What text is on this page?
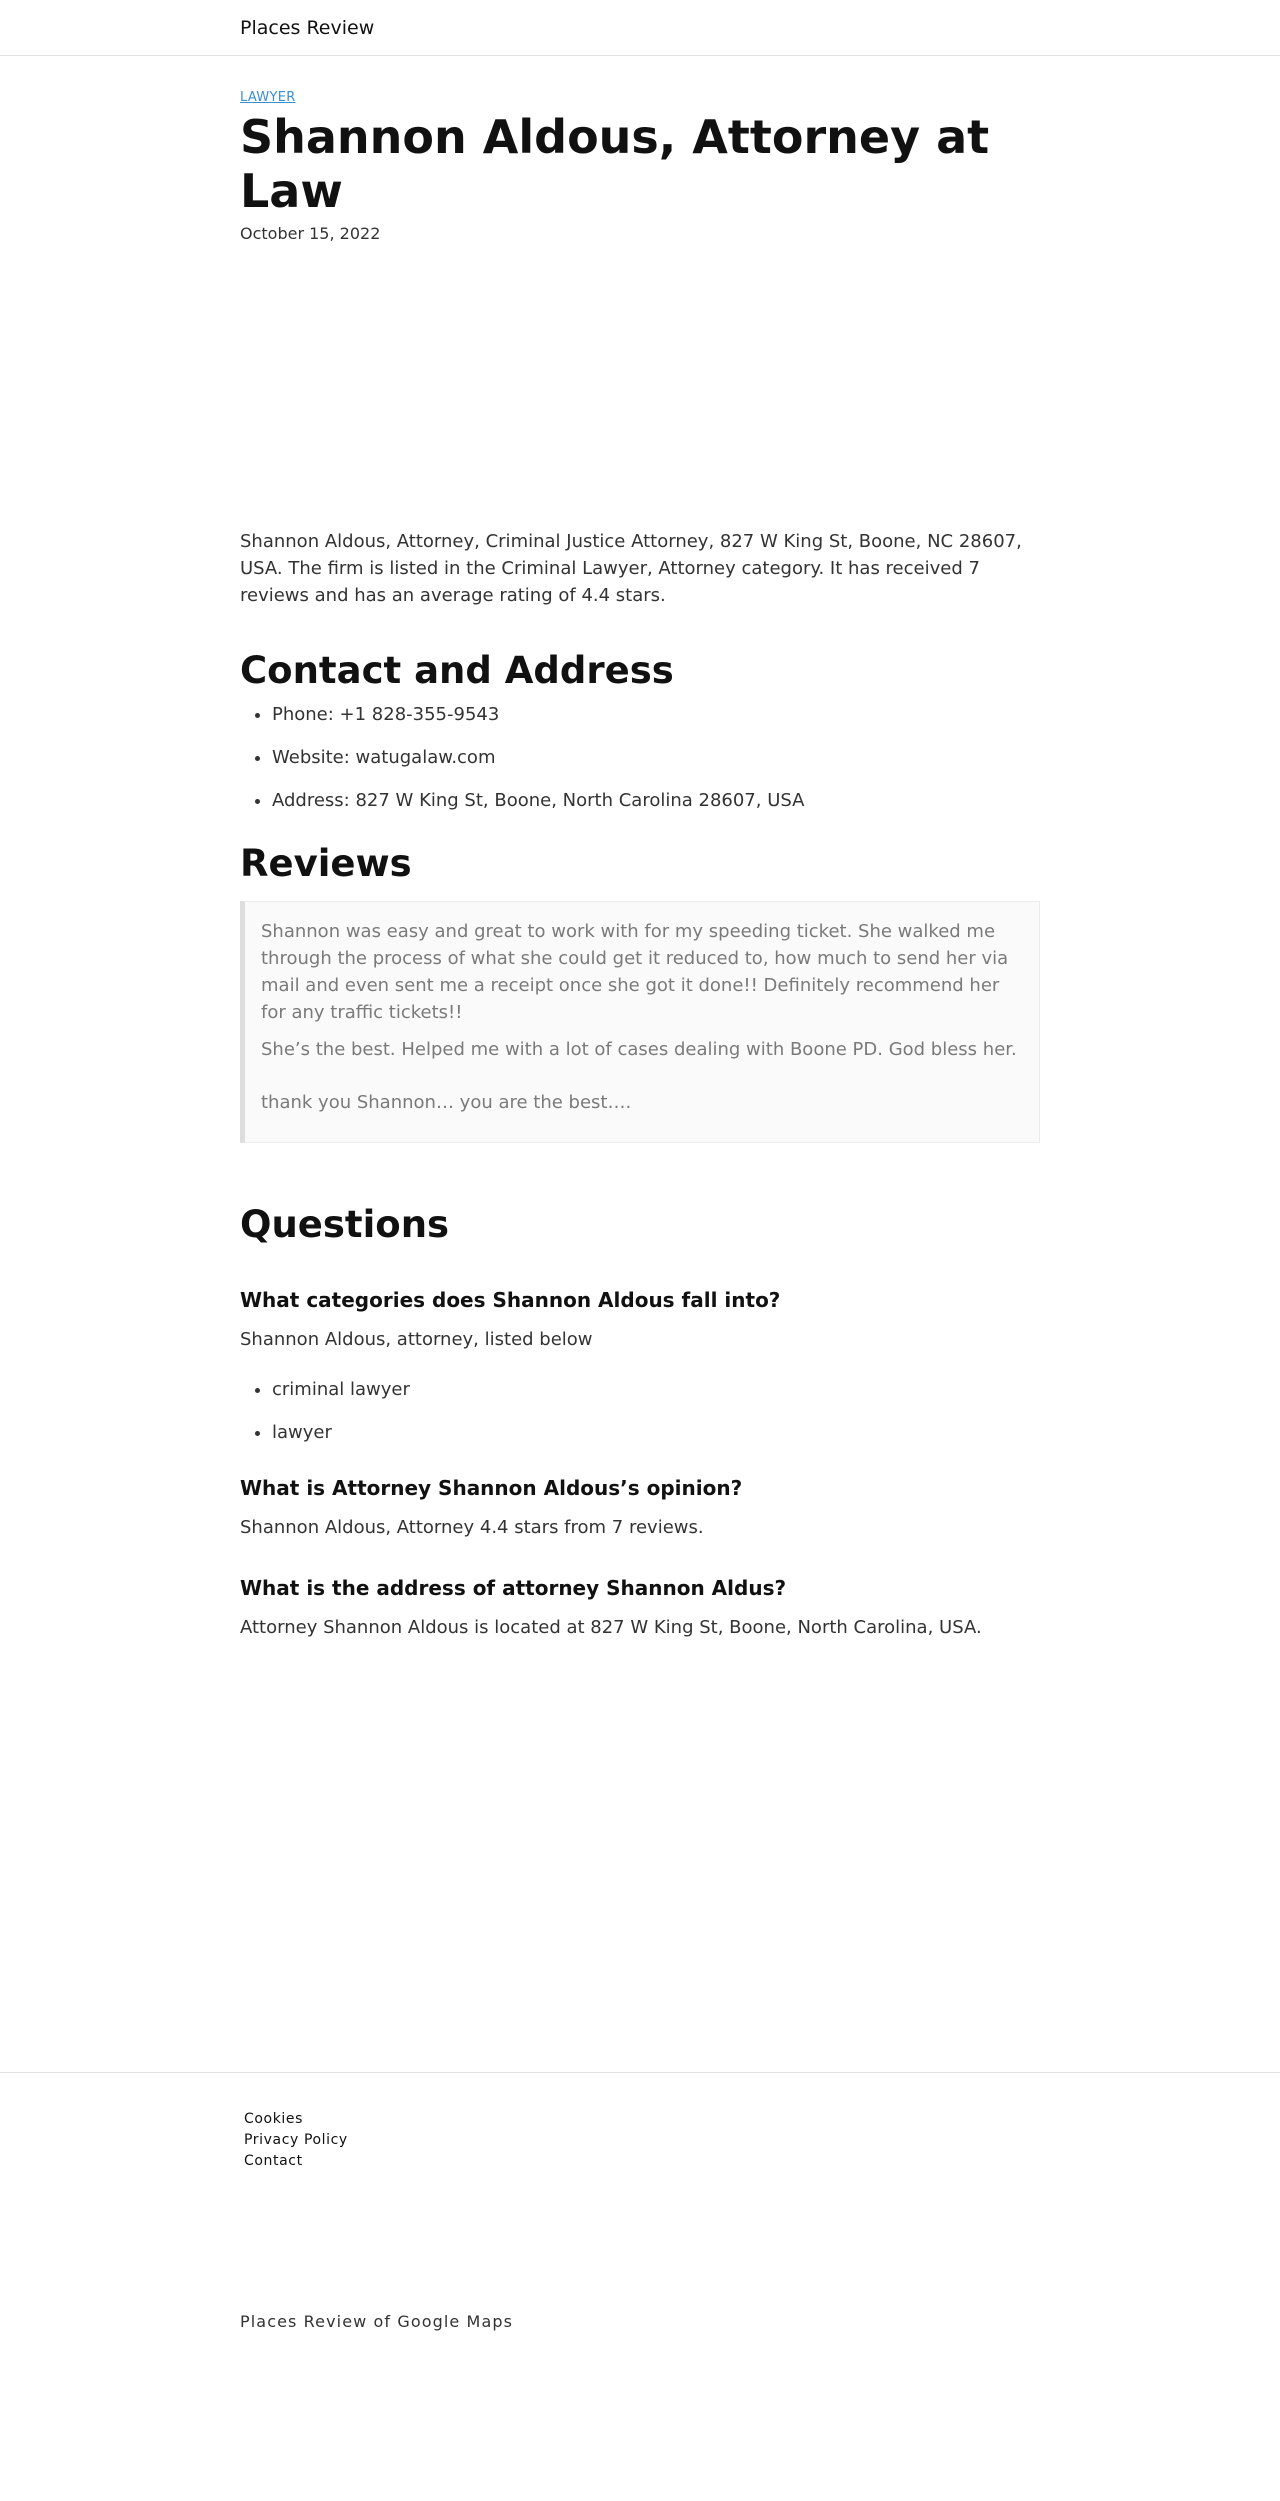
Places Review
LAWYER
Shannon Aldous, Attorney at Law
October 15, 2022

Shannon Aldous, Attorney, Criminal Justice Attorney, 827 W King St, Boone, NC 28607, USA. The firm is listed in the Criminal Lawyer, Attorney category. It has received 7 reviews and has an average rating of 4.4 stars.

Contact and Address
• Phone: +1 828-355-9543
• Website: watugalaw.com
• Address: 827 W King St, Boone, North Carolina 28607, USA
Reviews

Shannon was easy and great to work with for my speeding ticket. She walked me through the process of what she could get it reduced to, how much to send her via mail and even sent me a receipt once she got it done!! Definitely recommend her for any traffic tickets!!

She’s the best. Helped me with a lot of cases dealing with Boone PD. God bless her.

thank you Shannon… you are the best….

Questions
What categories does Shannon Aldous fall into?

Shannon Aldous, attorney, listed below

• criminal lawyer
• lawyer
What is Attorney Shannon Aldous’s opinion?

Shannon Aldous, Attorney 4.4 stars from 7 reviews.

What is the address of attorney Shannon Aldus?

Attorney Shannon Aldous is located at 827 W King St, Boone, North Carolina, USA.

Cookies
Privacy Policy
Contact
Places Review of Google Maps
